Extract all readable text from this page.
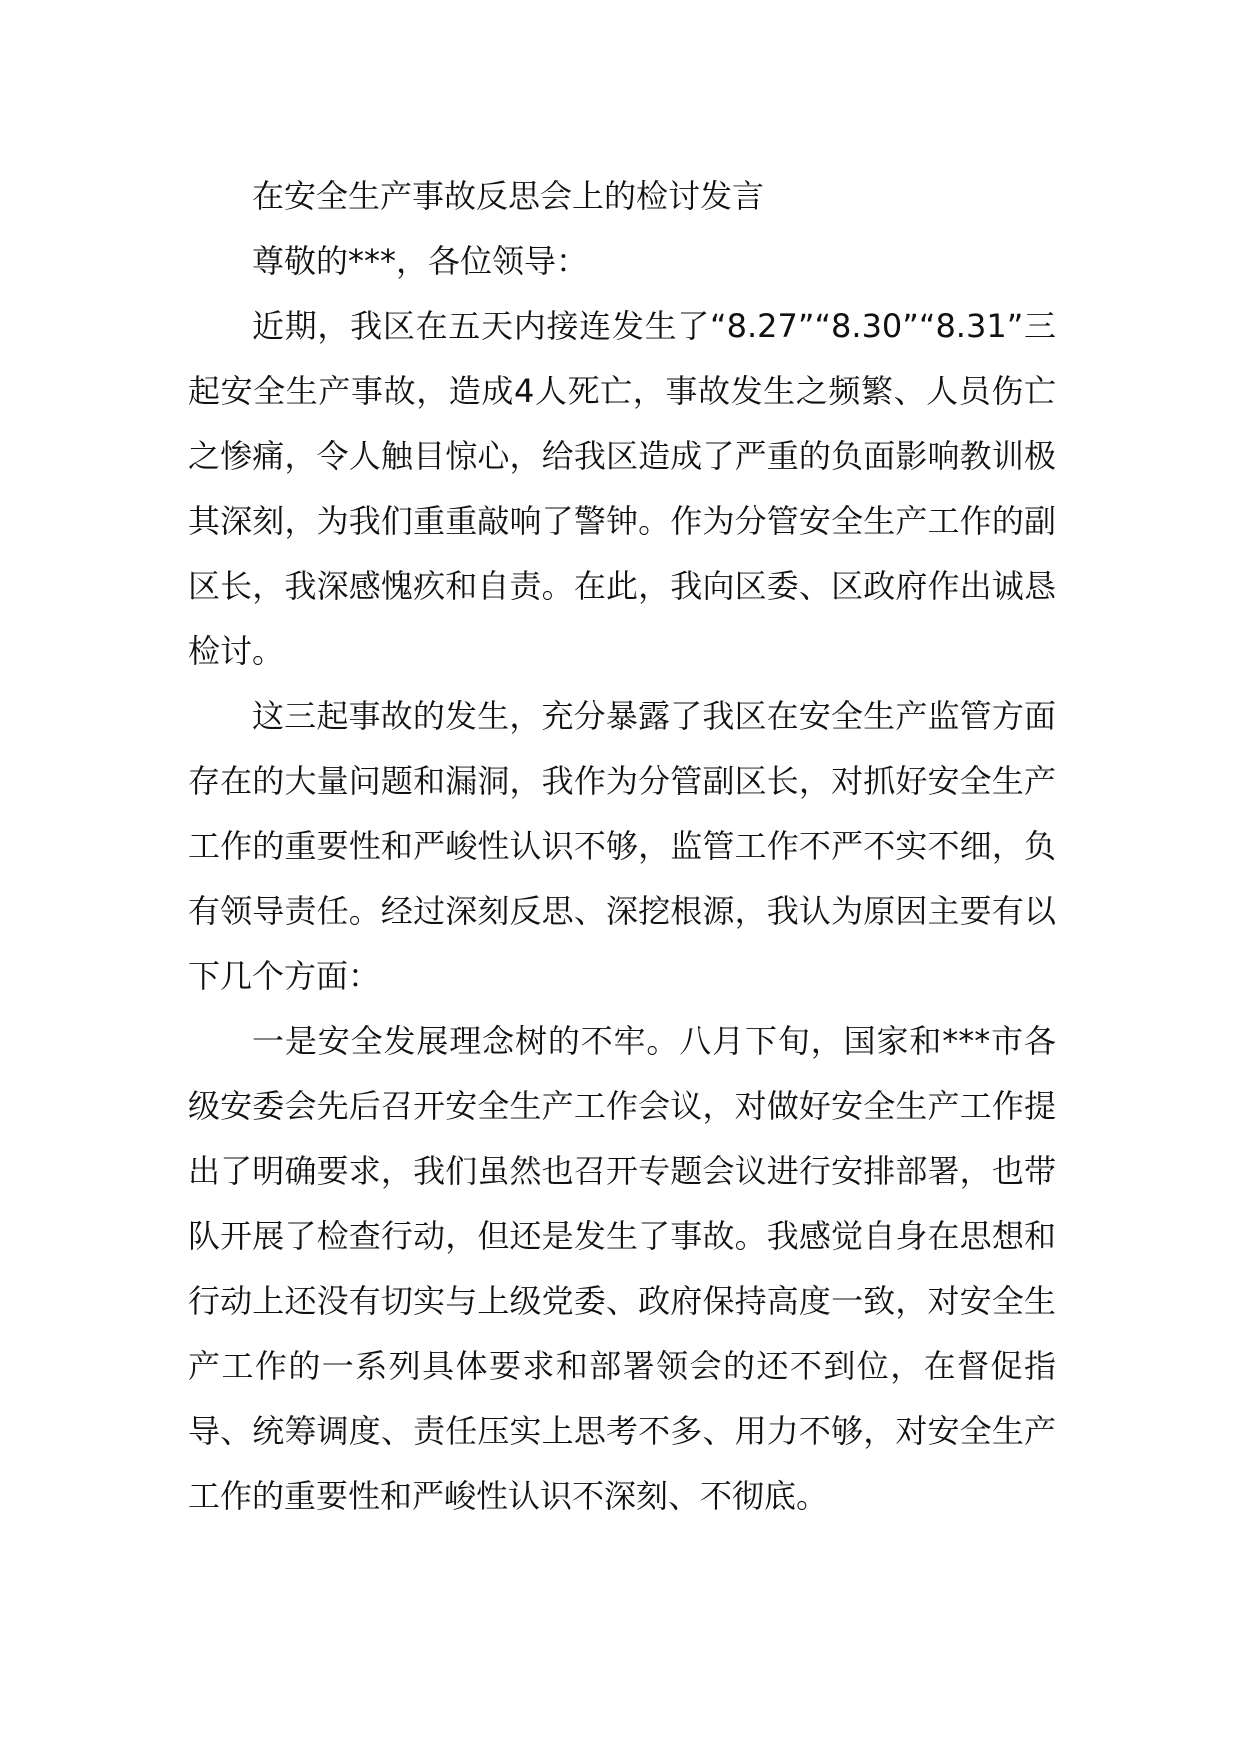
在安全生产事故反思会上的检讨发言

尊敬的***，各位领导：

近期，我区在五天内接连发生了“8.27”“8.30”“8.31”三起安全生产事故，造成4人死亡，事故发生之频繁、人员伤亡之惨痛，令人触目惊心，给我区造成了严重的负面影响教训极其深刻，为我们重重敲响了警钟。作为分管安全生产工作的副区长，我深感愧疚和自责。在此，我向区委、区政府作出诚恳检讨。

这三起事故的发生，充分暴露了我区在安全生产监管方面存在的大量问题和漏洞，我作为分管副区长，对抓好安全生产工作的重要性和严峻性认识不够，监管工作不严不实不细，负有领导责任。经过深刻反思、深挖根源，我认为原因主要有以下几个方面：

一是安全发展理念树的不牢。八月下旬，国家和***市各级安委会先后召开安全生产工作会议，对做好安全生产工作提出了明确要求，我们虽然也召开专题会议进行安排部署，也带队开展了检查行动，但还是发生了事故。我感觉自身在思想和行动上还没有切实与上级党委、政府保持高度一致，对安全生产工作的一系列具体要求和部署领会的还不到位，在督促指导、统筹调度、责任压实上思考不多、用力不够，对安全生产工作的重要性和严峻性认识不深刻、不彻底。
